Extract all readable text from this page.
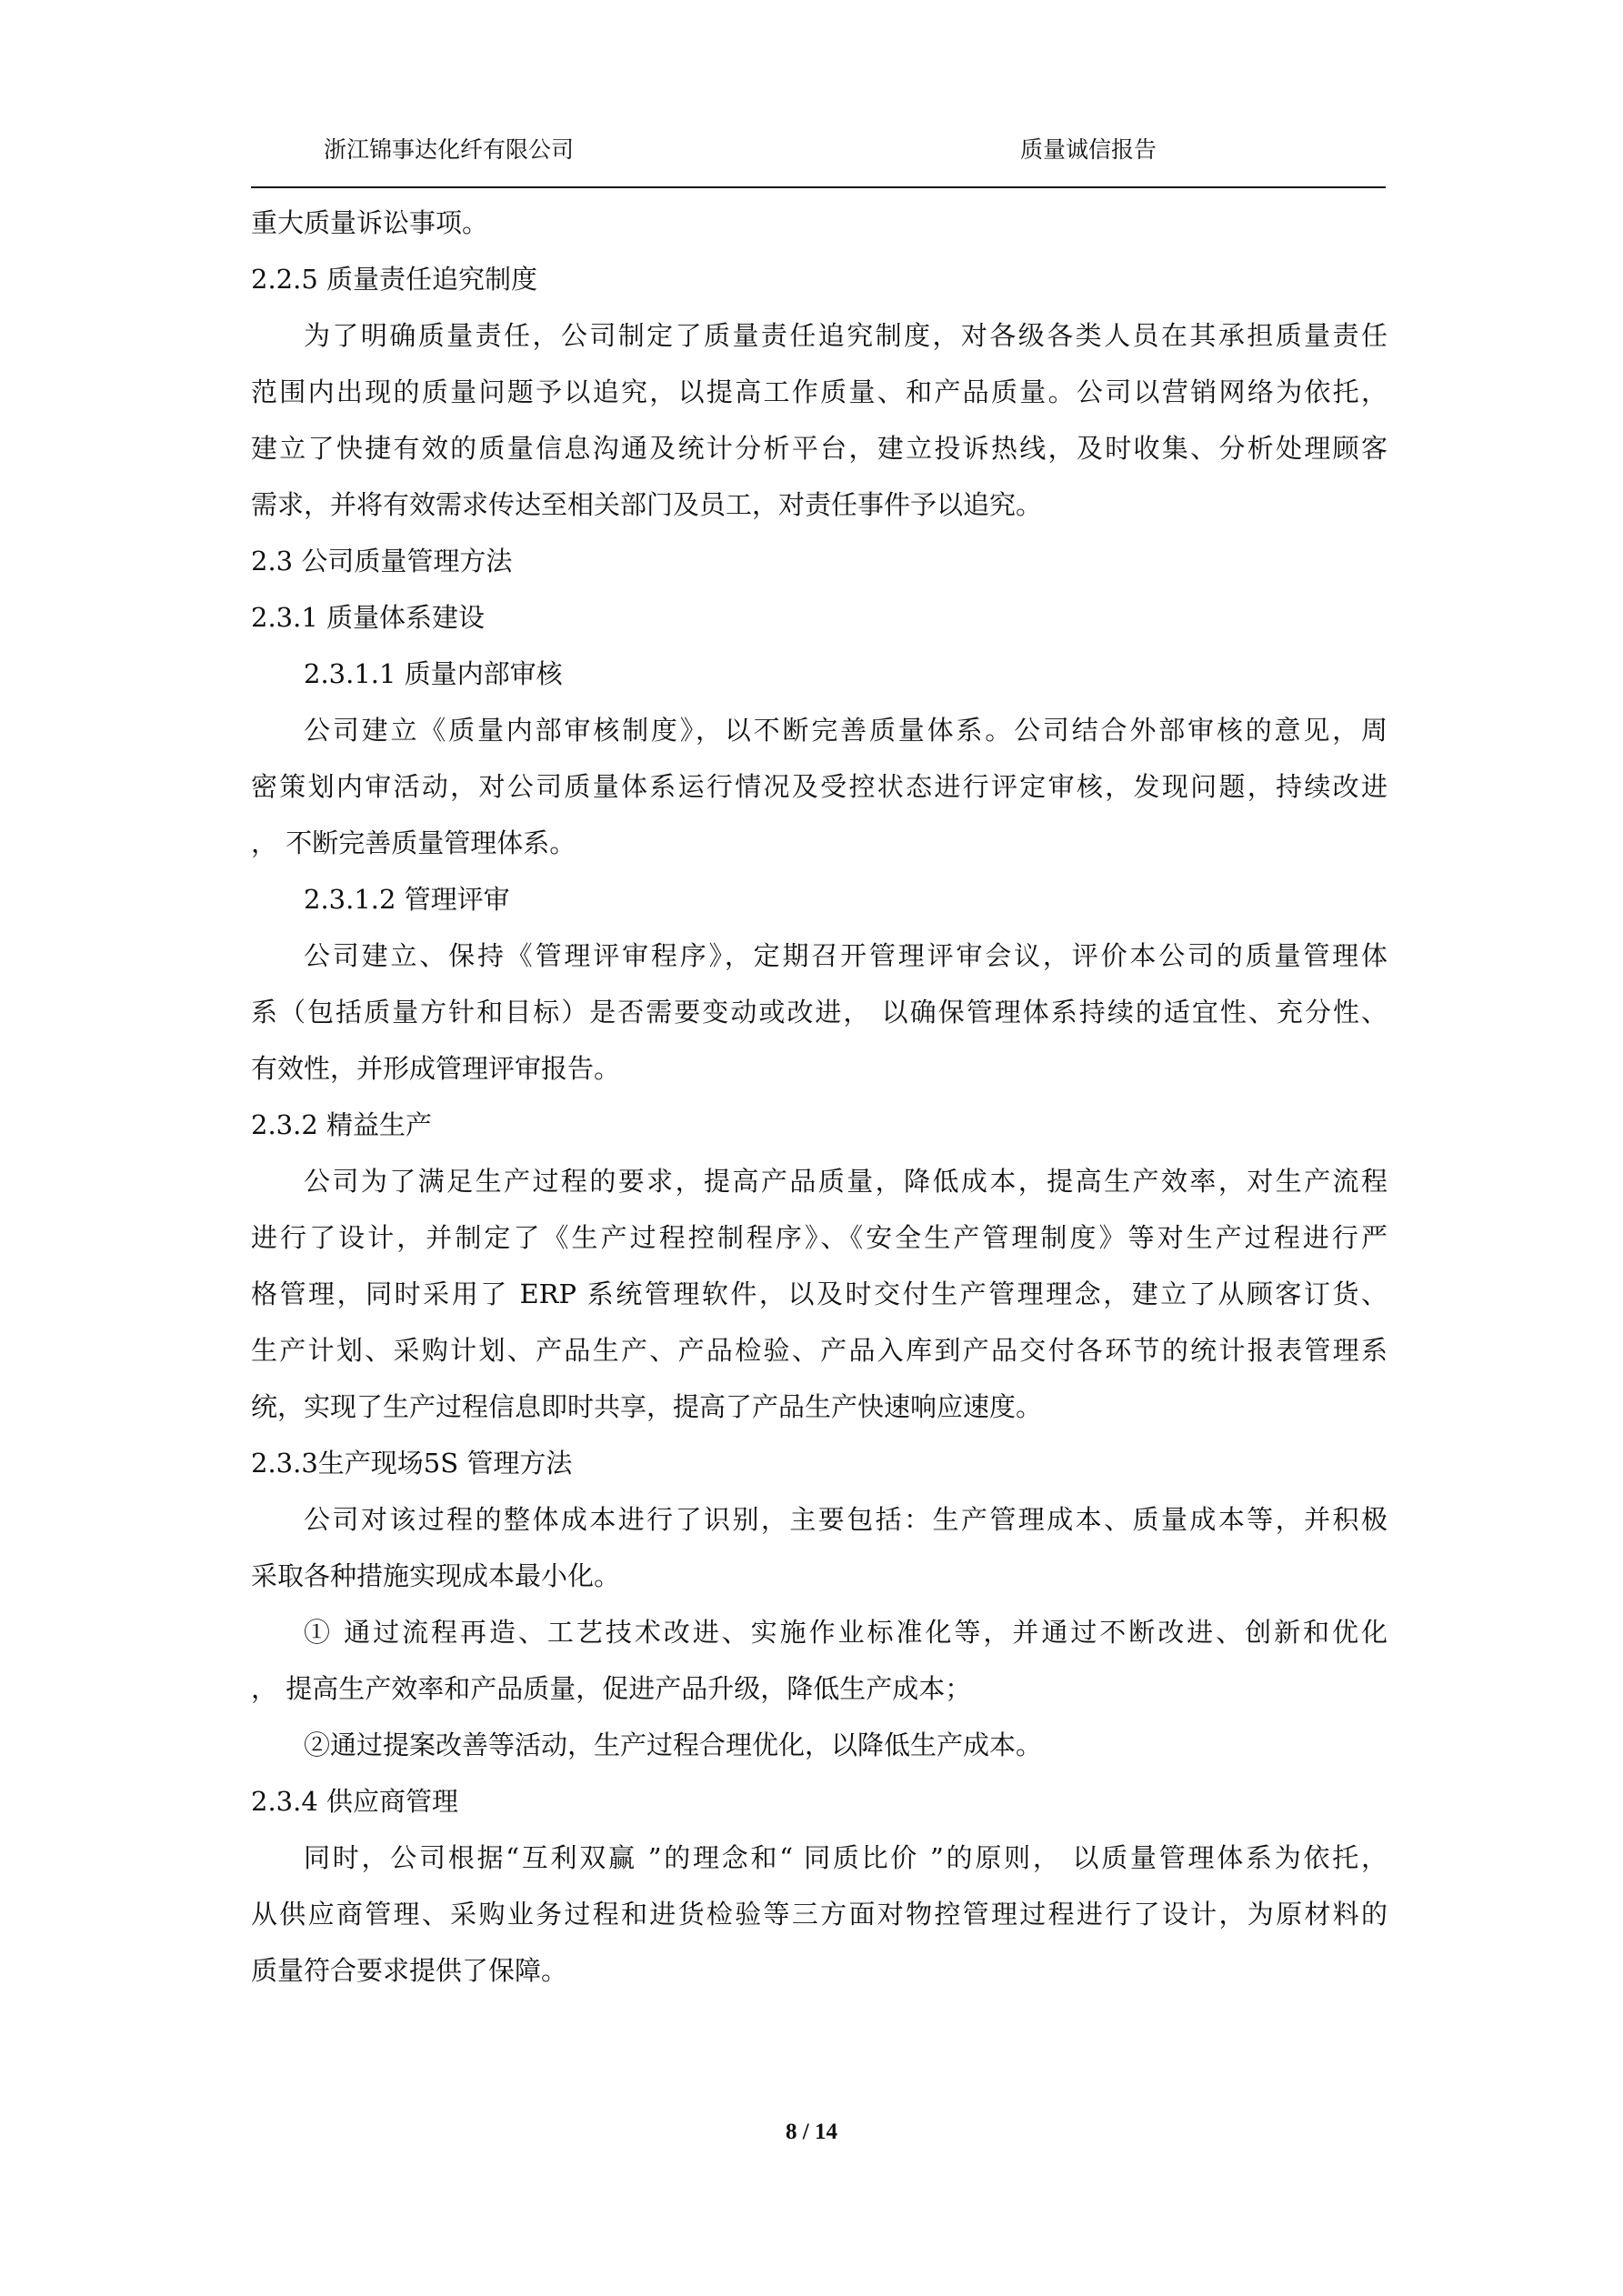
浙江锦事达化纤有限公司	质量诚信报告
重大质量诉讼事项。
2.2.5 质量责任追究制度
为了明确质量责任，公司制定了质量责任追究制度，对各级各类人员在其承担质量责任
范围内出现的质量问题予以追究，以提高工作质量、和产品质量。公司以营销网络为依托，
建立了快捷有效的质量信息沟通及统计分析平台，建立投诉热线，及时收集、分析处理顾客
需求，并将有效需求传达至相关部门及员工，对责任事件予以追究。
2.3 公司质量管理方法
2.3.1 质量体系建设
2.3.1.1 质量内部审核
公司建立《质量内部审核制度》，以不断完善质量体系。公司结合外部审核的意见，周
密策划内审活动，对公司质量体系运行情况及受控状态进行评定审核，发现问题，持续改进
， 不断完善质量管理体系。
2.3.1.2 管理评审
公司建立、保持《管理评审程序》，定期召开管理评审会议，评价本公司的质量管理体
系（包括质量方针和目标）是否需要变动或改进， 以确保管理体系持续的适宜性、充分性、
有效性，并形成管理评审报告。
2.3.2 精益生产
公司为了满足生产过程的要求，提高产品质量，降低成本，提高生产效率，对生产流程
进行了设计，并制定了《生产过程控制程序》、《安全生产管理制度》等对生产过程进行严
格管理，同时采用了 ERP 系统管理软件，以及时交付生产管理理念，建立了从顾客订货、
生产计划、采购计划、产品生产、产品检验、产品入库到产品交付各环节的统计报表管理系
统，实现了生产过程信息即时共享，提高了产品生产快速响应速度。
2.3.3生产现场5S 管理方法
公司对该过程的整体成本进行了识别，主要包括：生产管理成本、质量成本等，并积极
采取各种措施实现成本最小化。
① 通过流程再造、工艺技术改进、实施作业标准化等，并通过不断改进、创新和优化
， 提高生产效率和产品质量，促进产品升级，降低生产成本；
②通过提案改善等活动，生产过程合理优化，以降低生产成本。
2.3.4 供应商管理
同时，公司根据“互利双赢 ”的理念和“ 同质比价 ”的原则， 以质量管理体系为依托，
从供应商管理、采购业务过程和进货检验等三方面对物控管理过程进行了设计，为原材料的
质量符合要求提供了保障。
8 / 14
